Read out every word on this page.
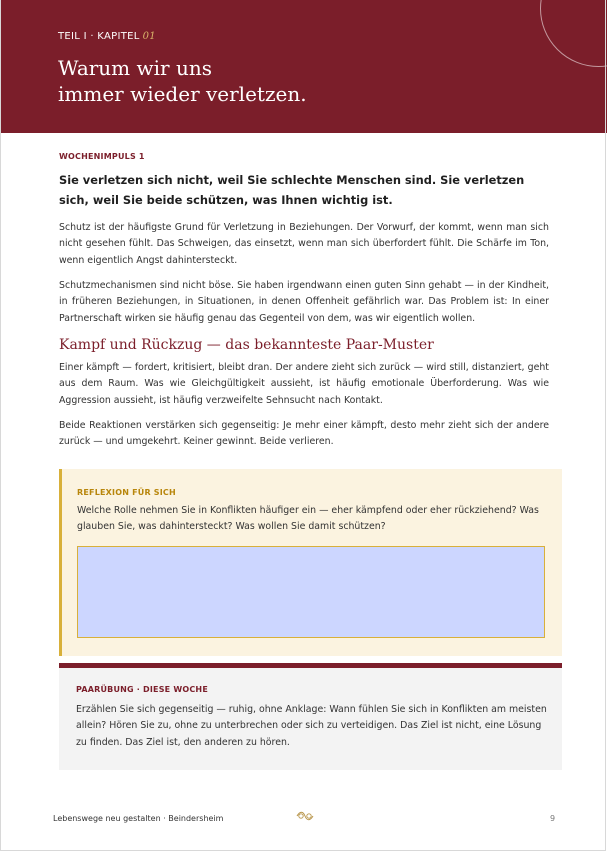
TEIL I · KAPITEL 01
Warum wir uns
immer wieder verletzen.
WOCHENIMPULS 1
Sie verletzen sich nicht, weil Sie schlechte Menschen sind. Sie verletzen sich, weil Sie beide schützen, was Ihnen wichtig ist.
Schutz ist der häufigste Grund für Verletzung in Beziehungen. Der Vorwurf, der kommt, wenn man sich nicht gesehen fühlt. Das Schweigen, das einsetzt, wenn man sich überfordert fühlt. Die Schärfe im Ton, wenn eigentlich Angst dahintersteckt.
Schutzmechanismen sind nicht böse. Sie haben irgendwann einen guten Sinn gehabt — in der Kindheit, in früheren Beziehungen, in Situationen, in denen Offenheit gefährlich war. Das Problem ist: In einer Partnerschaft wirken sie häufig genau das Gegenteil von dem, was wir eigentlich wollen.
Kampf und Rückzug — das bekannteste Paar-Muster
Einer kämpft — fordert, kritisiert, bleibt dran. Der andere zieht sich zurück — wird still, distanziert, geht aus dem Raum. Was wie Gleichgültigkeit aussieht, ist häufig emotionale Überforderung. Was wie Aggression aussieht, ist häufig verzweifelte Sehnsucht nach Kontakt.
Beide Reaktionen verstärken sich gegenseitig: Je mehr einer kämpft, desto mehr zieht sich der andere zurück — und umgekehrt. Keiner gewinnt. Beide verlieren.
REFLEXION FÜR SICH
Welche Rolle nehmen Sie in Konflikten häufiger ein — eher kämpfend oder eher rückziehend? Was glauben Sie, was dahintersteckt? Was wollen Sie damit schützen?
PAARÜBUNG · DIESE WOCHE
Erzählen Sie sich gegenseitig — ruhig, ohne Anklage: Wann fühlen Sie sich in Konflikten am meisten allein? Hören Sie zu, ohne zu unterbrechen oder sich zu verteidigen. Das Ziel ist nicht, eine Lösung zu finden. Das Ziel ist, den anderen zu hören.
Lebenswege neu gestalten · Beindersheim	9
